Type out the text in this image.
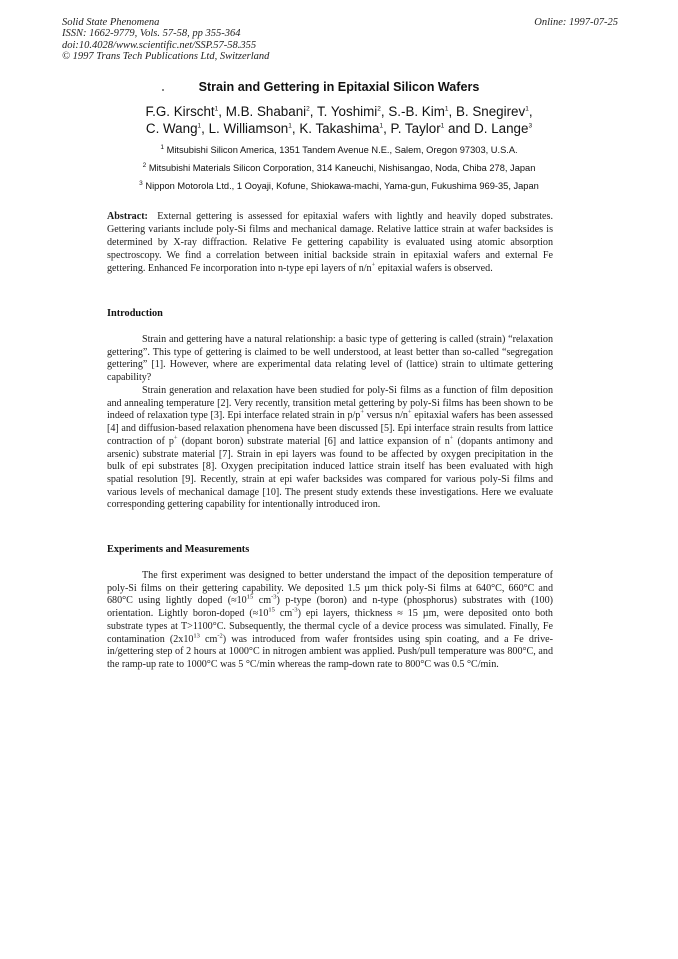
Solid State Phenomena
ISSN: 1662-9779, Vols. 57-58, pp 355-364
doi:10.4028/www.scientific.net/SSP.57-58.355
© 1997 Trans Tech Publications Ltd, Switzerland
Online: 1997-07-25
Strain and Gettering in Epitaxial Silicon Wafers
F.G. Kirscht$^1$, M.B. Shabani$^2$, T. Yoshimi$^2$, S.-B. Kim$^1$, B. Snegirev$^1$,
C. Wang$^1$, L. Williamson$^1$, K. Takashima$^1$, P. Taylor$^1$ and D. Lange$^3$
$^1$ Mitsubishi Silicon America, 1351 Tandem Avenue N.E., Salem, Oregon 97303, U.S.A.
$^2$ Mitsubishi Materials Silicon Corporation, 314 Kaneuchi, Nishisangao, Noda, Chiba 278, Japan
$^3$ Nippon Motorola Ltd., 1 Ooyaji, Kofune, Shiokawa-machi, Yama-gun, Fukushima 969-35, Japan
Abstract: External gettering is assessed for epitaxial wafers with lightly and heavily doped substrates. Gettering variants include poly-Si films and mechanical damage. Relative lattice strain at wafer backsides is determined by X-ray diffraction. Relative Fe gettering capability is evaluated using atomic absorption spectroscopy. We find a correlation between initial backside strain in epitaxial wafers and external Fe gettering. Enhanced Fe incorporation into n-type epi layers of n/n+ epitaxial wafers is observed.
Introduction

Strain and gettering have a natural relationship: a basic type of gettering is called (strain) “relaxation gettering”. This type of gettering is claimed to be well understood, at least better than so-called “segregation gettering” [1]. However, where are experimental data relating level of (lattice) strain to ultimate gettering capability?

Strain generation and relaxation have been studied for poly-Si films as a function of film deposition and annealing temperature [2]. Very recently, transition metal gettering by poly-Si films has been shown to be indeed of relaxation type [3]. Epi interface related strain in p/p+ versus n/n+ epitaxial wafers has been assessed [4] and diffusion-based relaxation phenomena have been discussed [5]. Epi interface strain results from lattice contraction of p+ (dopant boron) substrate material [6] and lattice expansion of n+ (dopants antimony and arsenic) substrate material [7]. Strain in epi layers was found to be affected by oxygen precipitation in the bulk of epi substrates [8]. Oxygen precipitation induced lattice strain itself has been evaluated with high spatial resolution [9]. Recently, strain at epi wafer backsides was compared for various poly-Si films and various levels of mechanical damage [10]. The present study extends these investigations. Here we evaluate corresponding gettering capability for intentionally introduced iron.

Experiments and Measurements

The first experiment was designed to better understand the impact of the deposition temperature of poly-Si films on their gettering capability. We deposited 1.5 µm thick poly-Si films at 640°C, 660°C and 680°C using lightly doped ($\approx 10^{15}$ $cm^{-3}$) p-type (boron) and n-type (phosphorus) substrates with (100) orientation. Lightly boron-doped ($\approx 10^{15}$ $cm^{-3}$) epi layers, thickness ≈ 15 µm, were deposited onto both substrate types at T>1100°C. Subsequently, the thermal cycle of a device process was simulated. Finally, Fe contamination ($2x10^{13}$ $cm^{-2}$) was introduced from wafer frontsides using spin coating, and a Fe drive-in/gettering step of 2 hours at 1000°C in nitrogen ambient was applied. Push/pull temperature was 800°C, and the ramp-up rate to 1000°C was 5 °C/min whereas the ramp-down rate to 800°C was 0.5 °C/min.
